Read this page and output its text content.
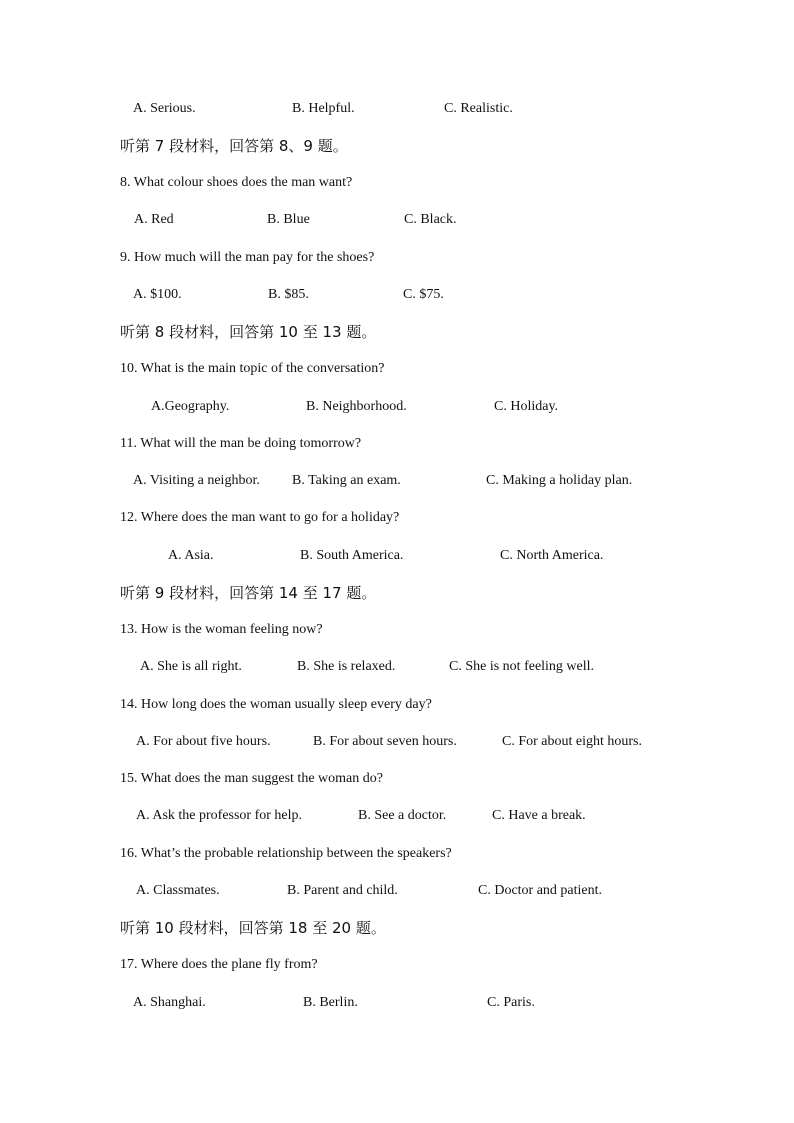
A. Serious.	B. Helpful.	C. Realistic.
听第 7 段材料，回答第 8、9 题。
8. What colour shoes does the man want?
A. Red	B. Blue	C. Black.
9. How much will the man pay for the shoes?
A. $100.	B. $85.	C. $75.
听第 8 段材料，回答第 10 至 13 题。
10. What is the main topic of the conversation?
A.Geography.	B. Neighborhood.	C. Holiday.
11. What will the man be doing tomorrow?
A. Visiting a neighbor. B. Taking an exam.	C. Making a holiday plan.
12. Where does the man want to go for a holiday?
A. Asia.	B. South America.	C. North America.
听第 9 段材料，回答第 14 至 17 题。
13. How is the woman feeling now?
A. She is all right.	B. She is relaxed.	C. She is not feeling well.
14. How long does the woman usually sleep every day?
A. For about five hours.	B. For about seven hours.	C. For about eight hours.
15. What does the man suggest the woman do?
A. Ask the professor for help.	B. See a doctor.	C. Have a break.
16. What’s the probable relationship between the speakers?
A. Classmates.	B. Parent and child.	C. Doctor and patient.
听第 10 段材料，回答第 18 至 20 题。
17. Where does the plane fly from?
A. Shanghai.	B. Berlin.	C. Paris.
